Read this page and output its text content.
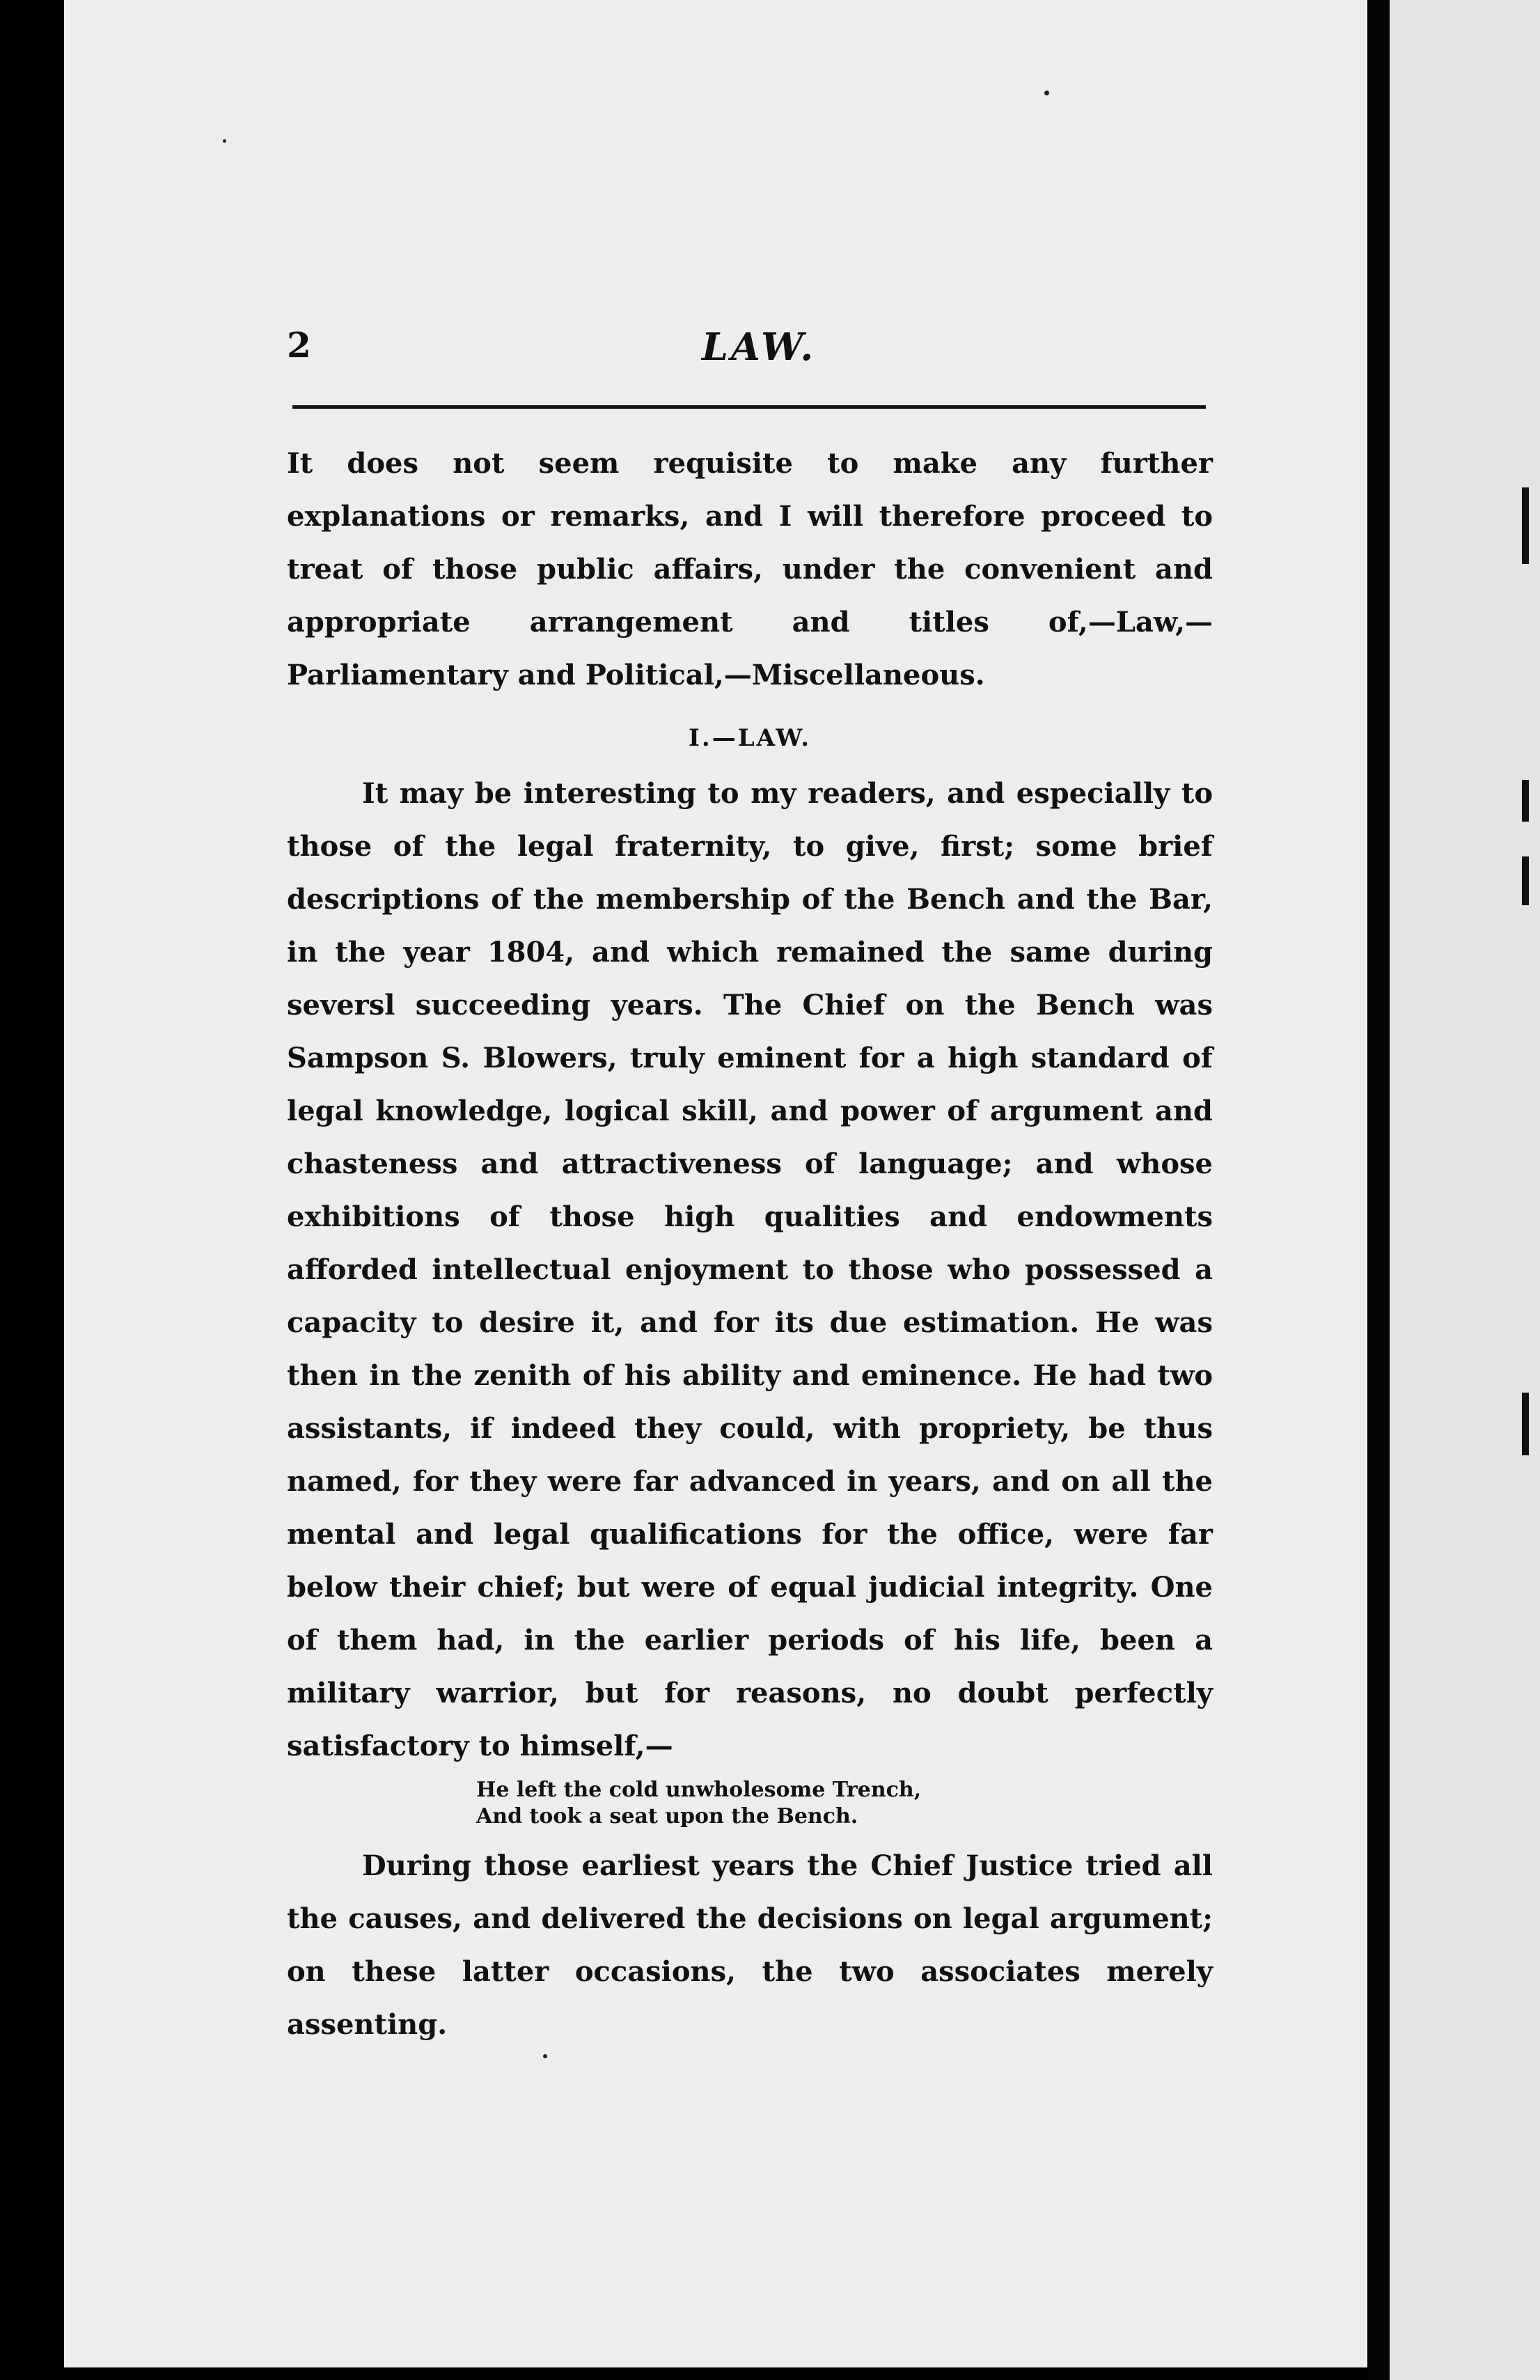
2	LAW.

It does not seem requisite to make any further explanations or remarks, and I will therefore proceed to treat of those public affairs, under the convenient and appropriate arrangement and titles of,—Law,—Parliamentary and Political,—Miscellaneous.

I.—LAW.

It may be interesting to my readers, and especially to those of the legal fraternity, to give, first; some brief descriptions of the membership of the Bench and the Bar, in the year 1804, and which remained the same during seversl succeeding years. The Chief on the Bench was Sampson S. Blowers, truly eminent for a high standard of legal knowledge, logical skill, and power of argument and chasteness and attractiveness of language; and whose exhibitions of those high qualities and endowments afforded intellectual enjoyment to those who possessed a capacity to desire it, and for its due estimation. He was then in the zenith of his ability and eminence. He had two assistants, if indeed they could, with propriety, be thus named, for they were far advanced in years, and on all the mental and legal qualifications for the office, were far below their chief; but were of equal judicial integrity. One of them had, in the earlier periods of his life, been a military warrior, but for reasons, no doubt perfectly satisfactory to himself,—

He left the cold unwholesome Trench,
And took a seat upon the Bench.

During those earliest years the Chief Justice tried all the causes, and delivered the decisions on legal argument; on these latter occasions, the two associates merely assenting.
